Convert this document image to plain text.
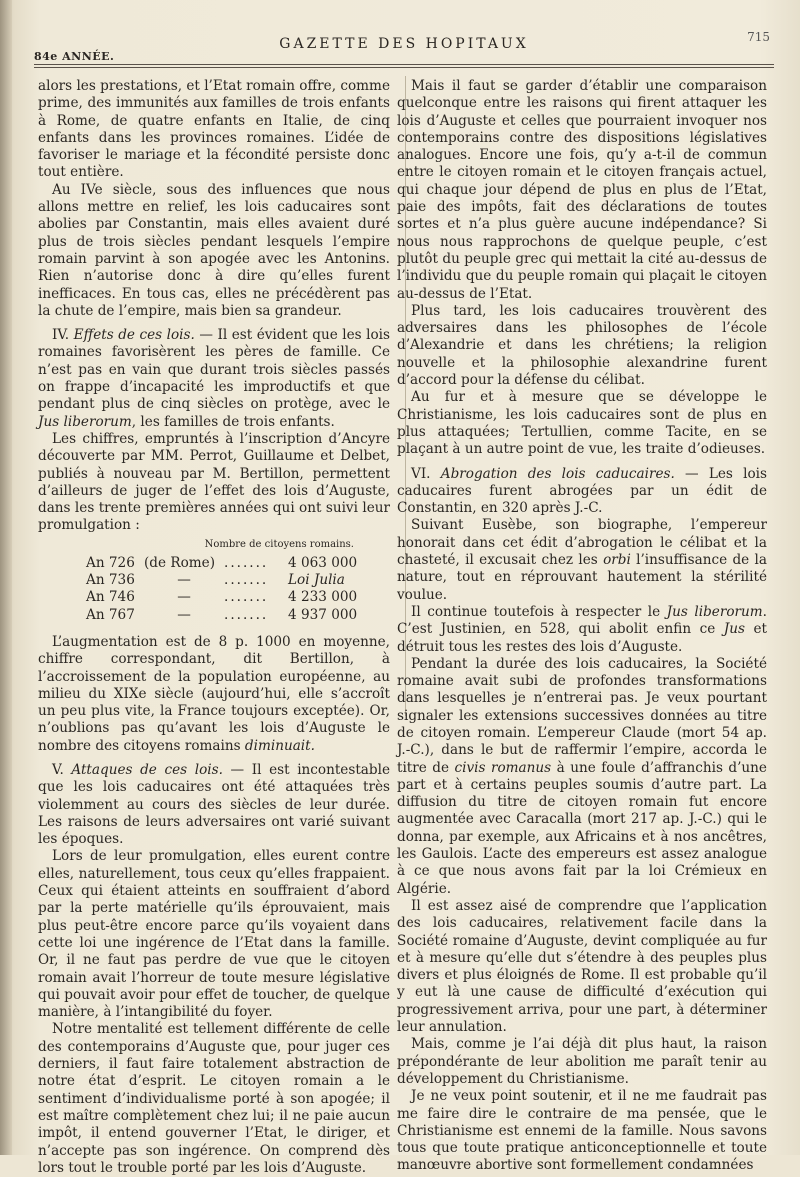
84e ANNÉE.
GAZETTE DES HOPITAUX	715

alors les prestations, et l’Etat romain offre, comme prime, des immunités aux familles de trois enfants à Rome, de quatre enfants en Italie, de cinq enfants dans les provinces romaines. L’idée de favoriser le mariage et la fécondité persiste donc tout entière.

Au IVe siècle, sous des influences que nous allons mettre en relief, les lois caducaires sont abolies par Constantin, mais elles avaient duré plus de trois siècles pendant lesquels l’empire romain parvint à son apogée avec les Antonins. Rien n’autorise donc à dire qu’elles furent inefficaces. En tous cas, elles ne précédèrent pas la chute de l’empire, mais bien sa grandeur.

IV. Effets de ces lois. — Il est évident que les lois romaines favorisèrent les pères de famille. Ce n’est pas en vain que durant trois siècles passés on frappe d’incapacité les improductifs et que pendant plus de cinq siècles on protège, avec le Jus liberorum, les familles de trois enfants.

Les chiffres, empruntés à l’inscription d’Ancyre découverte par MM. Perrot, Guillaume et Delbet, publiés à nouveau par M. Bertillon, permettent d’ailleurs de juger de l’effet des lois d’Auguste, dans les trente premières années qui ont suivi leur promulgation :

Nombre de citoyens romains.
An 726 (de Rome) .......	4 063 000
An 736	—	.......	Loi Julia
An 746	—	.......	4 233 000
An 767	—	.......	4 937 000

L’augmentation est de 8 p. 1000 en moyenne, chiffre correspondant, dit Bertillon, à l’accroissement de la population européenne, au milieu du XIXe siècle (aujourd’hui, elle s’accroît un peu plus vite, la France toujours exceptée). Or, n’oublions pas qu’avant les lois d’Auguste le nombre des citoyens romains diminuait.

V. Attaques de ces lois. — Il est incontestable que les lois caducaires ont été attaquées très violemment au cours des siècles de leur durée. Les raisons de leurs adversaires ont varié suivant les époques.

Lors de leur promulgation, elles eurent contre elles, naturellement, tous ceux qu’elles frappaient. Ceux qui étaient atteints en souffraient d’abord par la perte matérielle qu’ils éprouvaient, mais plus peut-être encore parce qu’ils voyaient dans cette loi une ingérence de l’Etat dans la famille. Or, il ne faut pas perdre de vue que le citoyen romain avait l’horreur de toute mesure législative qui pouvait avoir pour effet de toucher, de quelque manière, à l’intangibilité du foyer.

Notre mentalité est tellement différente de celle des contemporains d’Auguste que, pour juger ces derniers, il faut faire totalement abstraction de notre état d’esprit. Le citoyen romain a le sentiment d’individualisme porté à son apogée; il est maître complètement chez lui; il ne paie aucun impôt, il entend gouverner l’Etat, le diriger, et n’accepte pas son ingérence. On comprend dès lors tout le trouble porté par les lois d’Auguste.

Mais il faut se garder d’établir une comparaison quelconque entre les raisons qui firent attaquer les lois d’Auguste et celles que pourraient invoquer nos contemporains contre des dispositions législatives analogues. Encore une fois, qu’y a-t-il de commun entre le citoyen romain et le citoyen français actuel, qui chaque jour dépend de plus en plus de l’Etat, paie des impôts, fait des déclarations de toutes sortes et n’a plus guère aucune indépendance? Si nous nous rapprochons de quelque peuple, c’est plutôt du peuple grec qui mettait la cité au-dessus de l’individu que du peuple romain qui plaçait le citoyen au-dessus de l’Etat.

Plus tard, les lois caducaires trouvèrent des adversaires dans les philosophes de l’école d’Alexandrie et dans les chrétiens; la religion nouvelle et la philosophie alexandrine furent d’accord pour la défense du célibat.

Au fur et à mesure que se développe le Christianisme, les lois caducaires sont de plus en plus attaquées; Tertullien, comme Tacite, en se plaçant à un autre point de vue, les traite d’odieuses.

VI. Abrogation des lois caducaires. — Les lois caducaires furent abrogées par un édit de Constantin, en 320 après J.-C.

Suivant Eusèbe, son biographe, l’empereur honorait dans cet édit d’abrogation le célibat et la chasteté, il excusait chez les orbi l’insuffisance de la nature, tout en réprouvant hautement la stérilité voulue.

Il continue toutefois à respecter le Jus liberorum. C’est Justinien, en 528, qui abolit enfin ce Jus et détruit tous les restes des lois d’Auguste.

Pendant la durée des lois caducaires, la Société romaine avait subi de profondes transformations dans lesquelles je n’entrerai pas. Je veux pourtant signaler les extensions successives données au titre de citoyen romain. L’empereur Claude (mort 54 ap. J.-C.), dans le but de raffermir l’empire, accorda le titre de civis romanus à une foule d’affranchis d’une part et à certains peuples soumis d’autre part. La diffusion du titre de citoyen romain fut encore augmentée avec Caracalla (mort 217 ap. J.-C.) qui le donna, par exemple, aux Africains et à nos ancêtres, les Gaulois. L’acte des empereurs est assez analogue à ce que nous avons fait par la loi Crémieux en Algérie.

Il est assez aisé de comprendre que l’application des lois caducaires, relativement facile dans la Société romaine d’Auguste, devint compliquée au fur et à mesure qu’elle dut s’étendre à des peuples plus divers et plus éloignés de Rome. Il est probable qu’il y eut là une cause de difficulté d’exécution qui progressivement arriva, pour une part, à déterminer leur annulation.

Mais, comme je l’ai déjà dit plus haut, la raison prépondérante de leur abolition me paraît tenir au développement du Christianisme.

Je ne veux point soutenir, et il ne me faudrait pas me faire dire le contraire de ma pensée, que le Christianisme est ennemi de la famille. Nous savons tous que toute pratique anticonceptionnelle et toute manœuvre abortive sont formellement condamnées
